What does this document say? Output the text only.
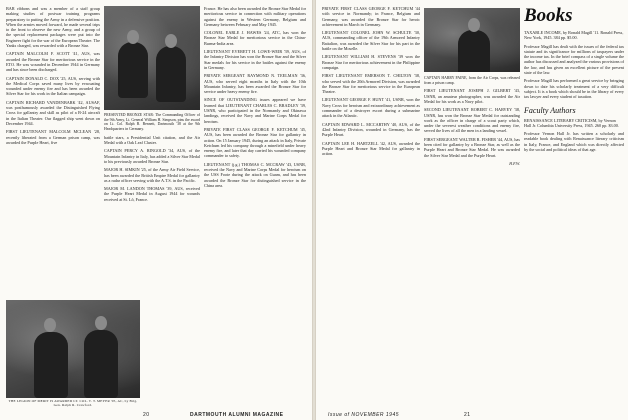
BAR ribbons and was a member of a staff group making studies of postwar training programs preparatory to putting the Army in a defensive position. When the armies moved forward, he made several trips to the front to observe the new Army, and a group of the special replacement packages were put into the Engineer fight for the war of the European Theatre. The Yanks charged, was rewarded with a Bronze Star.

CAPTAIN MALCOLM F. SCOTT '41, AUS, was awarded the Bronze Star for meritorious service in the ETO. He was wounded in December 1944 in Germany and has since been discharged.

CAPTAIN DONALD C. DOX '25, AUS, serving with the Medical Corps saved many lives by evacuating wounded under enemy fire and has been awarded the Silver Star for his work in the Italian campaign.

CAPTAIN RICHARD VANDENBARK '42, AUSAF, was posthumously awarded the Distinguished Flying Cross for gallantry and skill as pilot of a B-24 aircraft in the Italian Theater. Our flagged ship went down on December 1944.

FIRST LIEUTENANT MALCOLM MCLEAN '28, recently liberated from a German prison camp, was awarded the Purple Heart, five

PRESENTED BRONZE STAR: The Commanding Officer of the 9th Army, Lt. General William H. Simpson, pins the award on Lt. Col. Ralph B. Bennett, Dartmouth '38 at the 9th Headquarters in Germany.

battle stars, a Presidential Unit citation, and the Air Medal with a Oak Leaf Cluster.

CAPTAIN PERCY A. RINGOLD '34, AUS, of the Mountain Infantry in Italy, has added a Silver Star Medal to his previously awarded Bronze Star.

MAJOR H. SIMKIN '25, of the Army Air Field Service, has been awarded the British Empire Medal for gallantry as a radar officer serving with the A.T.S. in the Pacific.

MAJOR M. LANDON THOMAS '39, AUS, received the Purple Heart Medal in August 1944 for wounds received at St. Lô, France.

France. He has also been awarded the Bronze Star Medal for meritorious service in connection with military operations against the enemy in Western Germany, Belgium and Germany between February and May 1945.

COLONEL EARLE J. HAWES '24, ATC, has won the Bronze Star Medal for meritorious service in the China-Burma-India area.

LIEUTENANT EVERETT H. LOWE-WEIR '39, AUS, of the Infantry Division has won the Bronze Star and the Silver Star medals for his service in the battles against the enemy in Germany.

PRIVATE SERGEANT RAYMOND N. TEELMAN '36, AUS, who served eight months in Italy with the 10th Mountain Infantry, has been awarded the Bronze Star for service under heavy enemy fire.

SINCE OF OUTSTANDING issues appeared we have learned that LIEUTENANT CHARLES C. BRADLEY '39, USNR, who participated in the Normandy and Okinawa landings, received the Navy and Marine Corps Medal for heroism.

PRIVATE FIRST CLASS GEORGE F. KETCHUM '45, AUS, has been awarded the Bronze Star for gallantry in action. On 15 January 1945, during an attack in Italy, Private Ketchum led his company through a minefield under heavy enemy fire, and later that day carried his wounded company commander to safety.

LIEUTENANT (j.g.) THOMAS C. MCCRAW '43, USNR, received the Navy and Marine Corps Medal for heroism on the USS Foote during the attack on Guam, and has been awarded the Bronze Star for distinguished service in the China area.

THE LEGION OF MERIT IS AWARDED LT. COL. T. T. MEYER '05, AC, by Brig. Gen. Ralph R. Crawford.
20	DARTMOUTH ALUMNI MAGAZINE

PRIVATE FIRST CLASS GEORGE F. KETCHUM '44 with service in Normandy; in France, Belgium and Germany, was awarded the Bronze Star for heroic achievement in March in Germany.

LIEUTENANT COLONEL JOHN W. SCHULTE '30, AUS, commanding officer of the 19th Armored Infantry Battalion, was awarded the Silver Star for his part in the battle on the Moselle.

LIEUTENANT WILLIAM H. STEVENS '39 won the Bronze Star for meritorious achievement in the Philippine campaign.

FIRST LIEUTENANT EMERSON T. CHILTON '38, who served with the 20th Armored Division, was awarded the Bronze Star for meritorious service in the European Theatre.

LIEUTENANT GEORGE F. HUNT '41, USNR, won the Navy Cross for heroism and extraordinary achievement as commander of a destroyer escort during a submarine attack in the Atlantic.

CAPTAIN EDWARD L. MCCARTHY '40, AUS, of the 42nd Infantry Division, wounded in Germany, has the Purple Heart.

CAPTAIN LEE H. HARTZELL '42, AUS, awarded the Purple Heart and Bronze Star Medal for gallantry in action.

CAPTAIN HARRY PAINE, from the Air Corps, was released from a prison camp.

FIRST LIEUTENANT JOSEPH J. GILBERT '43, USNR, an amateur photographer, was awarded the Air Medal for his work as a Navy pilot.

SECOND LIEUTENANT ROBERT C. HARVEY '38, USNR, has won the Bronze Star Medal for outstanding work as the officer in charge of a scout party which, under the severest weather conditions and enemy fire, served the lives of all the men in a landing vessel.

FIRST SERGEANT WALTER R. FISHER '44, AUS, has been cited for gallantry by a Bronze Star, as well as the Purple Heart and Bronze Star Medal. He was awarded the Silver Star Medal and the Purple Heart.

H.F.W.
Books
TAXABLE INCOME, by Ronald Magill '11. Ronald Press, New York, 1945. 384 pp. $5.00.
Professor Magill has dealt with the issues of the federal tax statute and its significance for millions of taxpayers under the income tax. In the brief compass of a single volume the author has discussed and analyzed the various provisions of the law, and has given an excellent picture of the present state of the law.
Professor Magill has performed a great service by bringing down to date his scholarly treatment of a very difficult subject. It is a book which should be in the library of every tax lawyer and every student of taxation.
Faculty Authors
RENAISSANCE LITERARY CRITICISM, by Vernon Hall Jr. Columbia University Press, 1945. 260 pp. $3.00.
Professor Vernon Hall Jr. has written a scholarly and readable book dealing with Renaissance literary criticism in Italy, France, and England which was directly affected by the social and political ideas of that age.
Issue of NOVEMBER 1945	21
